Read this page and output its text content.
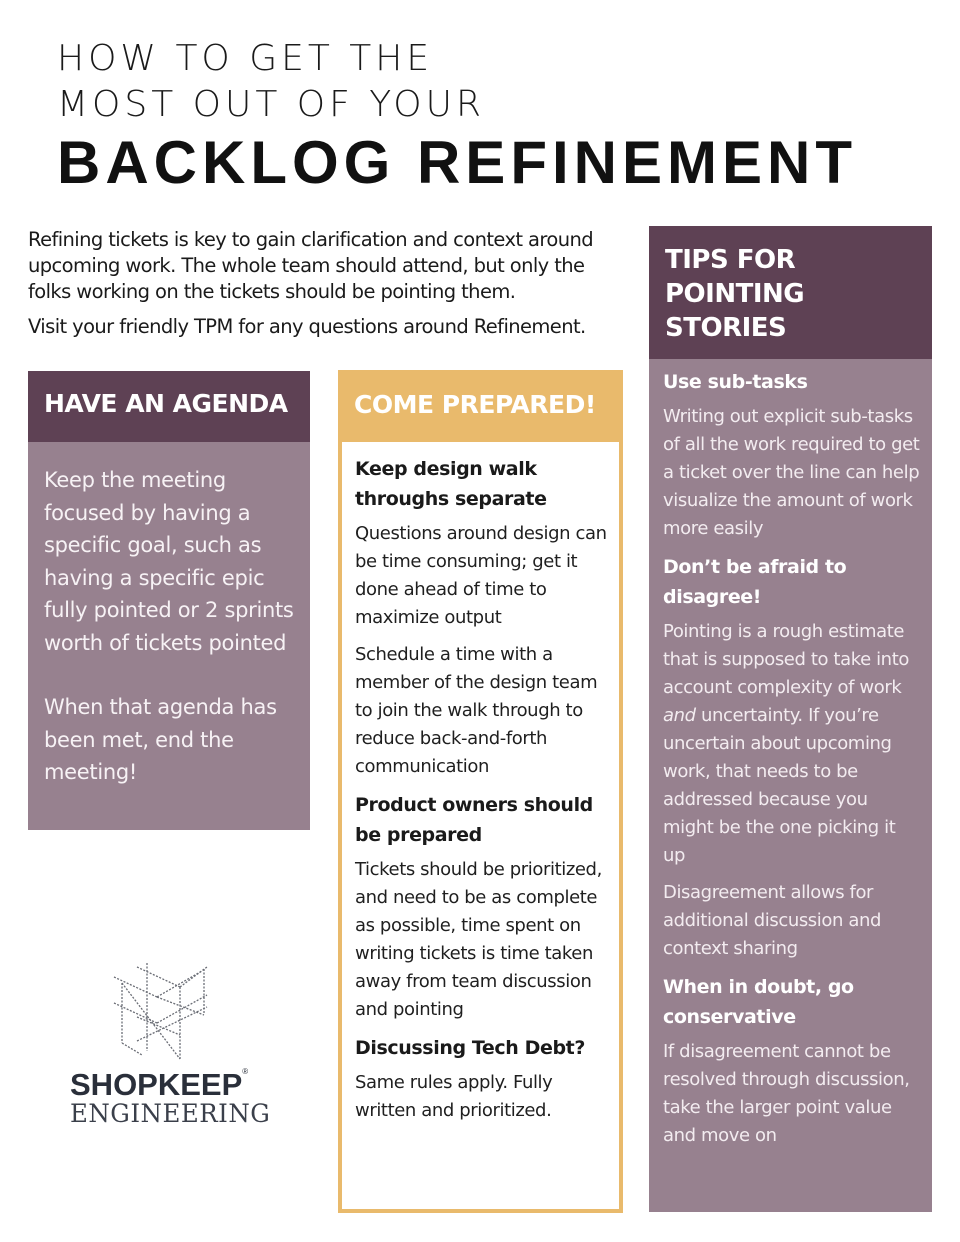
HOW TO GET THE
MOST OUT OF YOUR
BACKLOG REFINEMENT

Refining tickets is key to gain clarification and context around upcoming work. The whole team should attend, but only the folks working on the tickets should be pointing them.

Visit your friendly TPM for any questions around Refinement.

HAVE AN AGENDA

Keep the meeting focused by having a specific goal, such as having a specific epic fully pointed or 2 sprints worth of tickets pointed

When that agenda has been met, end the meeting!

COME PREPARED!
Keep design walk throughs separate
Questions around design can be time consuming; get it done ahead of time to maximize output
Schedule a time with a member of the design team to join the walk through to reduce back-and-forth communication
Product owners should be prepared
Tickets should be prioritized, and need to be as complete as possible, time spent on writing tickets is time taken away from team discussion and pointing
Discussing Tech Debt?
Same rules apply. Fully written and prioritized.
TIPS FOR POINTING STORIES
Use sub-tasks
Writing out explicit sub-tasks of all the work required to get a ticket over the line can help visualize the amount of work more easily
Don’t be afraid to disagree!
Pointing is a rough estimate that is supposed to take into account complexity of work and uncertainty. If you’re uncertain about upcoming work, that needs to be addressed because you might be the one picking it up
Disagreement allows for additional discussion and context sharing
When in doubt, go conservative
If disagreement cannot be resolved through discussion, take the larger point value and move on
SHOPKEEP®
ENGINEERING
